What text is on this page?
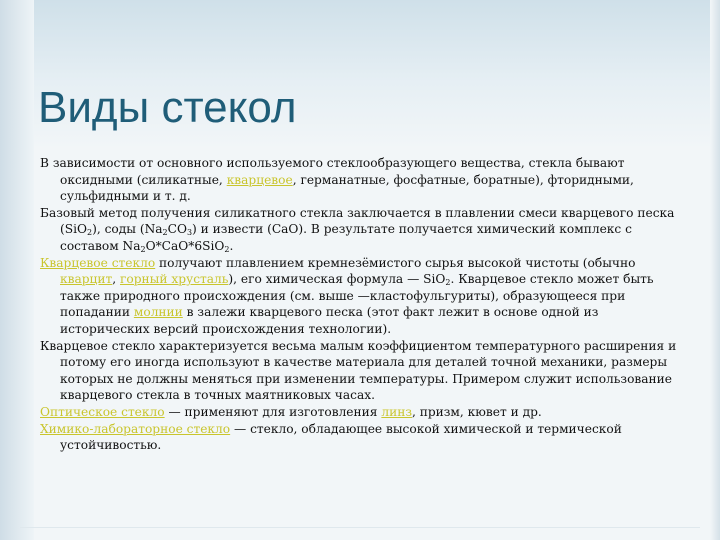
Виды стекол

В зависимости от основного используемого стеклообразующего вещества, стекла бывают оксидными (силикатные, кварцевое, германатные, фосфатные, боратные), фторидными, сульфидными и т. д.

Базовый метод получения силикатного стекла заключается в плавлении смеси кварцевого песка (SiO$_2$), соды $(Na_2CO_3)$ и извести (CaO). В результате получается химический комплекс с составом $Na_2O*CaO*6SiO_2$.

Кварцевое стекло получают плавлением кремнезёмистого сырья высокой чистоты (обычно кварцит, горный хрусталь), его химическая формула — SiO$_2$. Кварцевое стекло может быть также природного происхождения (см. выше —кластофульгуриты), образующееся при попадании молнии в залежи кварцевого песка (этот факт лежит в основе одной из исторических версий происхождения технологии).

Кварцевое стекло характеризуется весьма малым коэффициентом температурного расширения и потому его иногда используют в качестве материала для деталей точной механики, размеры которых не должны меняться при изменении температуры. Примером служит использование кварцевого стекла в точных маятниковых часах.

Оптическое стекло — применяют для изготовления линз, призм, кювет и др.

Химико-лабораторное стекло — стекло, обладающее высокой химической и термической устойчивостью.
